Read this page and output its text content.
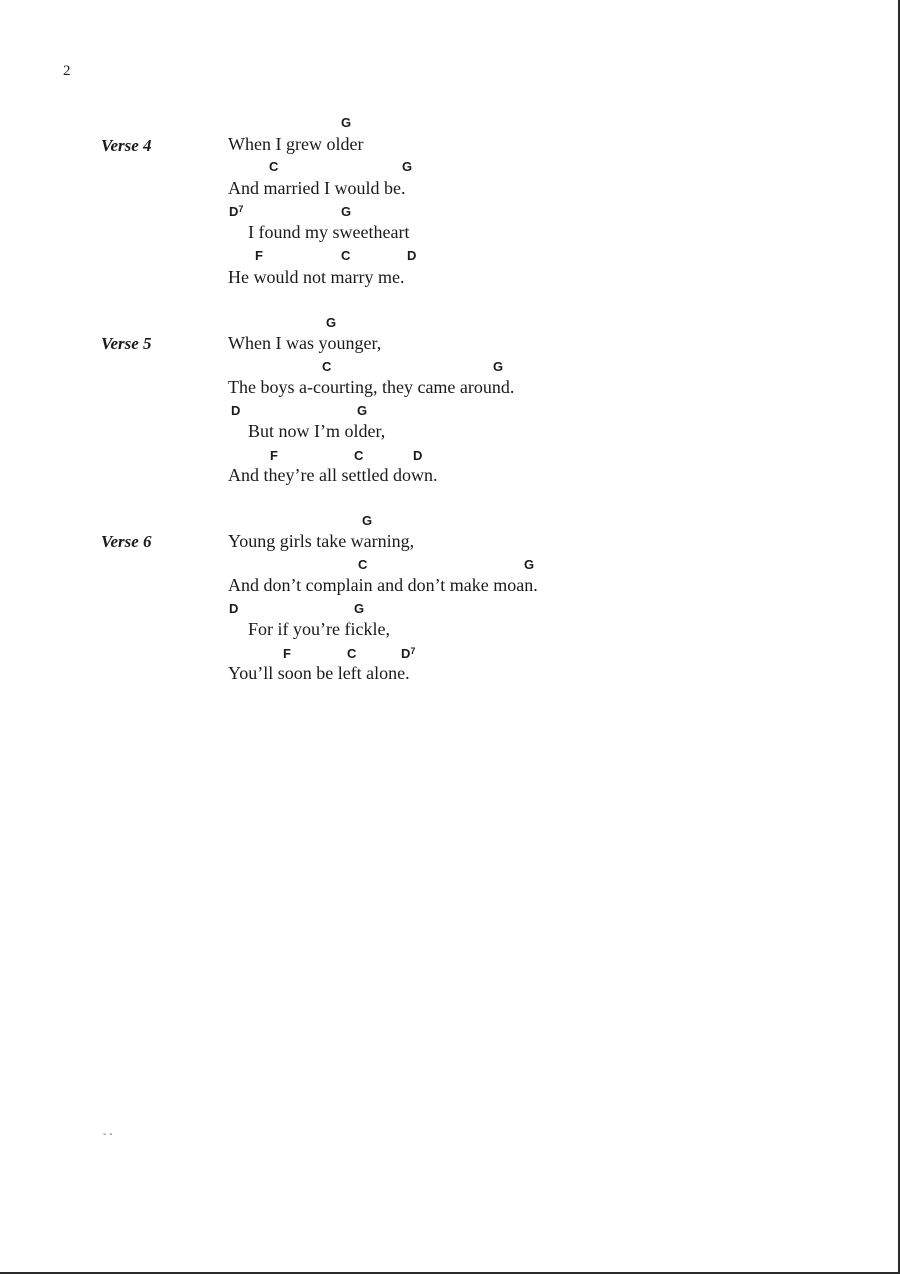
2
Verse 4
G
When I grew older
C	G
And married I would be.
$D^7$	G
I found my sweetheart
F	C	D
He would not marry me.
Verse 5
G
When I was younger,
C	G
The boys a-courting, they came around.
D	G
But now I’m older,
F	C	D
And they’re all settled down.
Verse 6
G
Young girls take warning,
C	G
And don’t complain and don’t make moan.
D	G
For if you’re fickle,
F	C	$D^7$
You’ll soon be left alone.
‐ ‐
